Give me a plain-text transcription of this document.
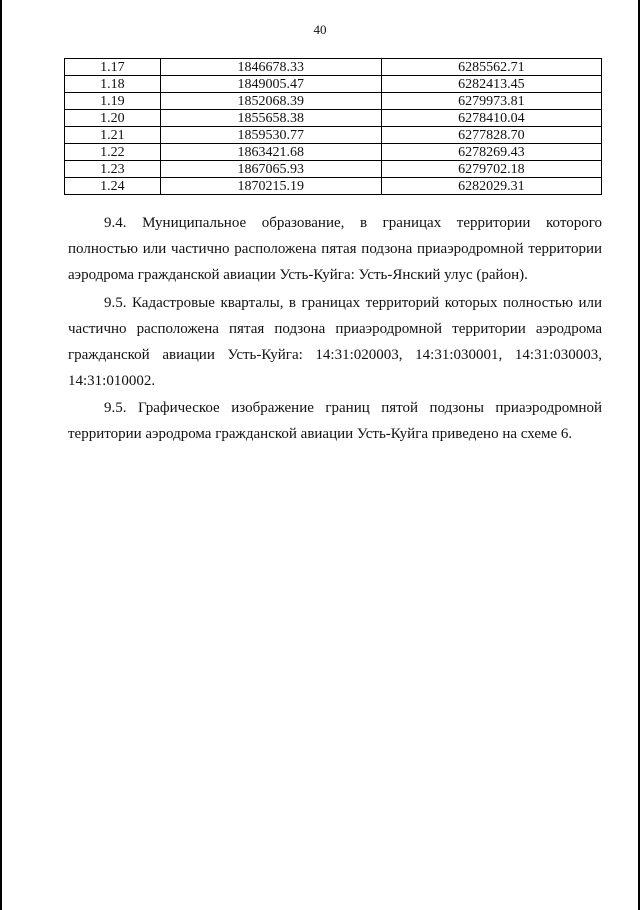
40
1.17	1846678.33	6285562.71
1.18	1849005.47	6282413.45
1.19	1852068.39	6279973.81
1.20	1855658.38	6278410.04
1.21	1859530.77	6277828.70
1.22	1863421.68	6278269.43
1.23	1867065.93	6279702.18
1.24	1870215.19	6282029.31

9.4. Муниципальное образование, в границах территории которого полностью или частично расположена пятая подзона приаэродромной территории аэродрома гражданской авиации Усть-Куйга: Усть-Янский улус (район).

9.5. Кадастровые кварталы, в границах территорий которых полностью или частично расположена пятая подзона приаэродромной территории аэродрома гражданской авиации Усть-Куйга: 14:31:020003, 14:31:030001, 14:31:030003, 14:31:010002.

9.5. Графическое изображение границ пятой подзоны приаэродромной территории аэродрома гражданской авиации Усть-Куйга приведено на схеме 6.
